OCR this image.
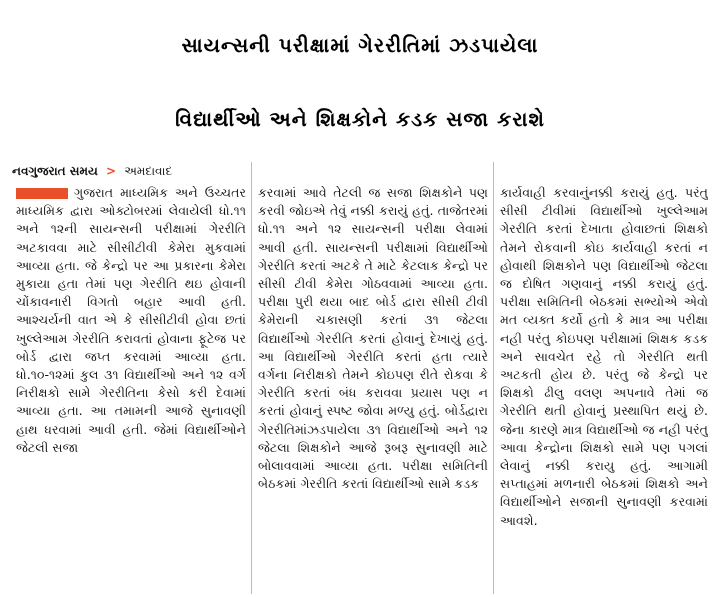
સાયન્સની પરીક્ષામાં ગેરરીતિમાં ઝડપાયેલા
વિદ્યાર્થીઓ અને શિક્ષકોને કડક સજા કરાશે
નવગુજરાત સમય > અમદાવાદ

ગુજરાત માધ્યમિક અને ઉચ્ચતર માધ્યમિક દ્વારા ઓક્ટોબરમાં લેવાયેલી ધો.૧૧ અને ૧૨ની સાયન્સની પરીક્ષામાં ગેરરીતિ અટકાવવા માટે સીસીટીવી કેમેરા મુકવામાં આવ્યા હતા. જે કેન્દ્રો પર આ પ્રકારના કેમેરા મુકાયા હતા તેમાં પણ ગેરરીતિ થઇ હોવાની ચોંકાવનારી વિગતો બહાર આવી હતી. આશ્ચર્યની વાત એ કે સીસીટીવી હોવા છતાં ખુલ્લેઆમ ગેરરીતિ કરાવતાં હોવાના ફૂટેજ પર બોર્ડ દ્વારા જપ્ત કરવામાં આવ્યા હતા. ધો.૧૦-૧૨માં કુલ ૩૧ વિદ્યાર્થીઓ અને ૧૨ વર્ગ નિરીક્ષકો સામે ગેરરીતિના કેસો કરી દેવામાં આવ્યા હતા. આ તમામની આજે સુનાવણી હાથ ધરવામાં આવી હતી. જેમાં વિદ્યાર્થીઓને જેટલી સજા

કરવામાં આવે તેટલી જ સજા શિક્ષકોને પણ કરવી જોઇએ તેવું નક્કી કરાયું હતું. તાજેતરમાં ધો.૧૧ અને ૧૨ સાયન્સની પરીક્ષા લેવામાં આવી હતી. સાયન્સની પરીક્ષામાં વિદ્યાર્થીઓ ગેરરીતિ કરતાં અટકે તે માટે કેટલાક કેન્દ્રો પર સીસી ટીવી કેમેરા ગોઠવવામાં આવ્યા હતા. પરીક્ષા પુરી થયા બાદ બોર્ડ દ્વારા સીસી ટીવી કેમેરાની ચકાસણી કરતાં ૩૧ જેટલા વિદ્યાર્થીઓ ગેરરીતિ કરતાં હોવાનું દેખાયું હતું. આ વિદ્યાર્થીઓ ગેરરીતિ કરતાં હતા ત્યારે વર્ગના નિરીક્ષકો તેમને કોઇપણ રીતે રોકવા કે ગેરરીતિ કરતાં બંધ કરાવવા પ્રયાસ પણ ન કરતાં હોવાનું સ્પષ્ટ જોવા મળ્યુ હતું. બોર્ડદ્વારા ગેરરીતિમાંઝડપાયેલા ૩૧ વિદ્યાર્થીઓ અને ૧૨ જેટલા શિક્ષકોને આજે રૂબરૂ સુનાવણી માટે બોલાવવામાં આવ્યા હતા. પરીક્ષા સમિતિની બેઠકમાં ગેરરીતિ કરતાં વિદ્યાર્થીઓ સામે કડક

કાર્યવાહી કરવાનુંનક્કી કરાયું હતુ. પરંતુ સીસી ટીવીમાં વિદ્યાર્થીઓ ખુલ્લેઆમ ગેરરીતિ કરતાં દેખાતા હોવાછતાં શિક્ષકો તેમને રોકવાની કોઇ કાર્યવાહી કરતાં ન હોવાથી શિક્ષકોને પણ વિદ્યાર્થીઓ જેટલા જ દોષિત ગણવાનું નક્કી કરાયું હતું. પરીક્ષા સમિતિની બેઠકમાં સભ્યોએ એવો મત વ્યક્ત કર્યો હતો કે માત્ર આ પરીક્ષા નહી પરંતુ કોઇપણ પરીક્ષામાં શિક્ષક કડક અને સાવચેત રહે તો ગેરરીતિ થતી અટકતી હોય છે. પરંતુ જે કેન્દ્રો પર શિક્ષકો ઢીલુ વલણ અપનાવે તેમાં જ ગેરરીતિ થતી હોવાનું પ્રસ્થાપિત થયું છે. જેના કારણે માત્ર વિદ્યાર્થીઓ જ નહી પરંતુ આવા કેન્દ્રોના શિક્ષકો સામે પણ પગલાં લેવાનું નક્કી કરાયુ હતું. આગામી સપ્તાહમાં મળનારી બેઠકમાં શિક્ષકો અને વિદ્યાર્થીઓને સજાની સુનાવણી કરવામાં આવશે.
